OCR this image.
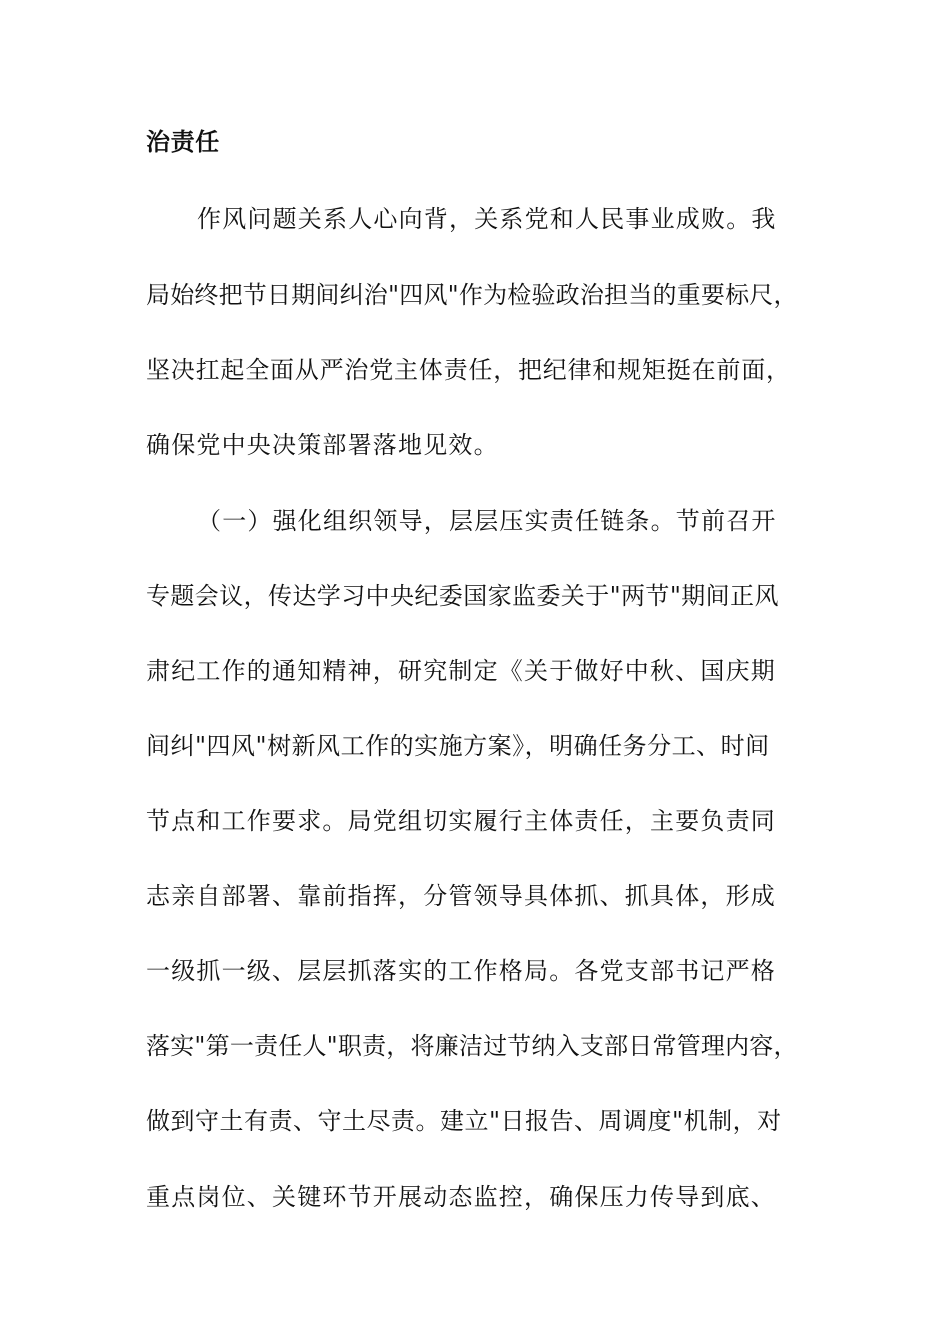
治责任
作风问题关系人心向背，关系党和人民事业成败。我
局始终把节日期间纠治"四风"作为检验政治担当的重要标尺，
坚决扛起全面从严治党主体责任，把纪律和规矩挺在前面，
确保党中央决策部署落地见效。
（一）强化组织领导，层层压实责任链条。节前召开
专题会议，传达学习中央纪委国家监委关于"两节"期间正风
肃纪工作的通知精神，研究制定《关于做好中秋、国庆期
间纠"四风"树新风工作的实施方案》，明确任务分工、时间
节点和工作要求。局党组切实履行主体责任，主要负责同
志亲自部署、靠前指挥，分管领导具体抓、抓具体，形成
一级抓一级、层层抓落实的工作格局。各党支部书记严格
落实"第一责任人"职责，将廉洁过节纳入支部日常管理内容，
做到守土有责、守土尽责。建立"日报告、周调度"机制，对
重点岗位、关键环节开展动态监控，确保压力传导到底、
